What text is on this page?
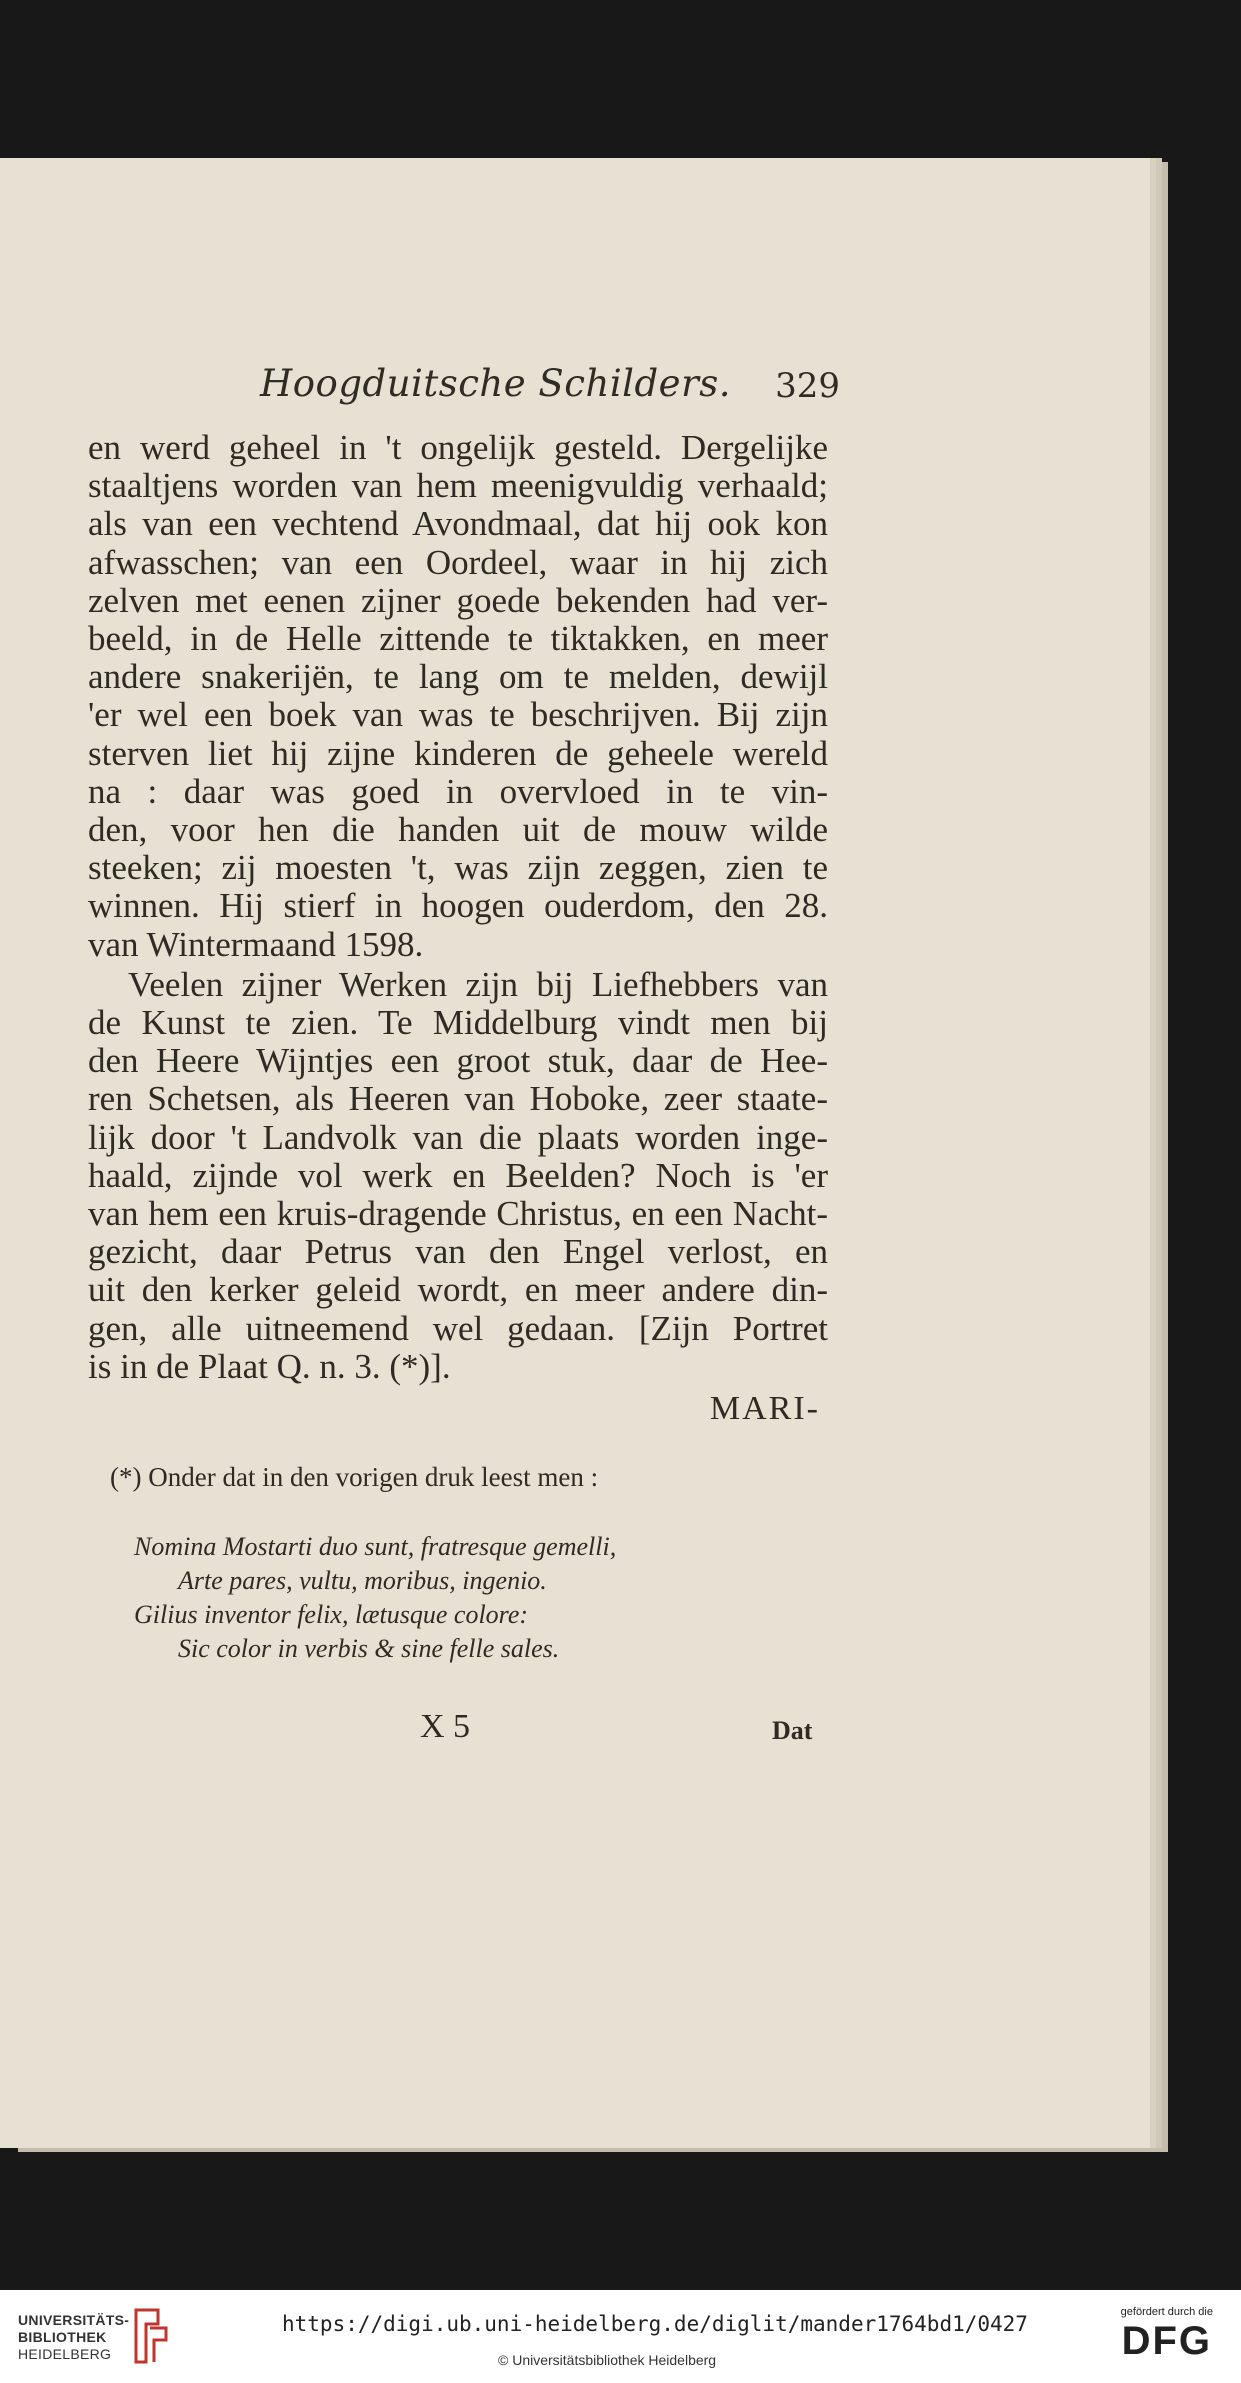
Hoogduitsche Schilders. 329
en werd geheel in 't ongelijk gesteld. Dergelijke
staaltjens worden van hem meenigvuldig verhaald;
als van een vechtend Avondmaal, dat hij ook kon
afwasschen; van een Oordeel, waar in hij zich
zelven met eenen zijner goede bekenden had ver-
beeld, in de Helle zittende te tiktakken, en meer
andere snakerijën, te lang om te melden, dewijl
'er wel een boek van was te beschrijven. Bij zijn
sterven liet hij zijne kinderen de geheele wereld
na : daar was goed in overvloed in te vin-
den, voor hen die handen uit de mouw wilde
steeken; zij moesten 't, was zijn zeggen, zien te
winnen. Hij stierf in hoogen ouderdom, den 28.
van Wintermaand 1598.
Veelen zijner Werken zijn bij Liefhebbers van
de Kunst te zien. Te Middelburg vindt men bij
den Heere Wijntjes een groot stuk, daar de Hee-
ren Schetsen, als Heeren van Hoboke, zeer staate-
lijk door 't Landvolk van die plaats worden inge-
haald, zijnde vol werk en Beelden? Noch is 'er
van hem een kruis-dragende Christus, en een Nacht-
gezicht, daar Petrus van den Engel verlost, en
uit den kerker geleid wordt, en meer andere din-
gen, alle uitneemend wel gedaan. [Zijn Portret
is in de Plaat Q. n. 3. (*)].
MARI-
(*) Onder dat in den vorigen druk leest men :
Nomina Mostarti duo sunt, fratresque gemelli,
Arte pares, vultu, moribus, ingenio.
Gilius inventor felix, lætusque colore:
Sic color in verbis & sine felle sales.
X 5	Dat
UNIVERSITÄTS-
BIBLIOTHEK
HEIDELBERG
https://digi.ub.uni-heidelberg.de/diglit/mander1764bd1/0427
© Universitätsbibliothek Heidelberg
gefördert durch die
DFG
